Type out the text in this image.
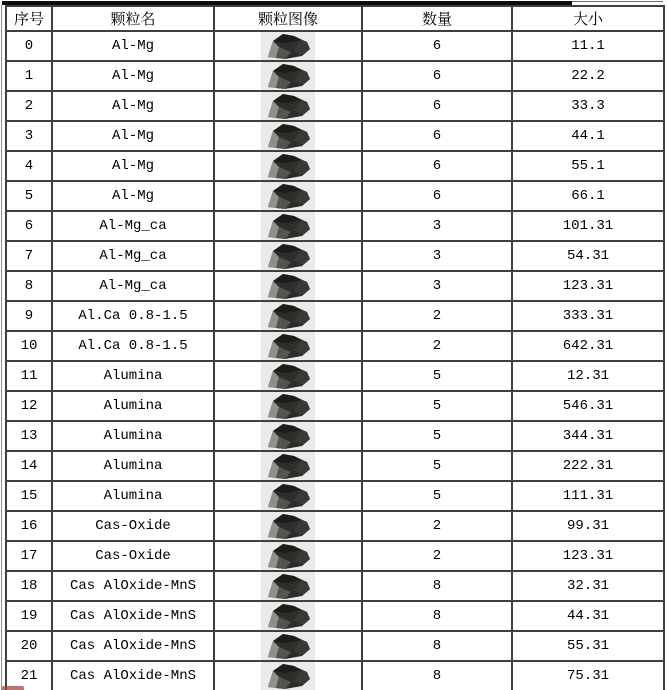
序号	颗粒名	颗粒图像	数量	大小
0	Al-Mg		6	11.1
1	Al-Mg		6	22.2
2	Al-Mg		6	33.3
3	Al-Mg		6	44.1
4	Al-Mg		6	55.1
5	Al-Mg		6	66.1
6	Al-Mg_ca		3	101.31
7	Al-Mg_ca		3	54.31
8	Al-Mg_ca		3	123.31
9	Al.Ca 0.8-1.5		2	333.31
10	Al.Ca 0.8-1.5		2	642.31
11	Alumina		5	12.31
12	Alumina		5	546.31
13	Alumina		5	344.31
14	Alumina		5	222.31
15	Alumina		5	111.31
16	Cas-Oxide		2	99.31
17	Cas-Oxide		2	123.31
18	Cas AlOxide-MnS		8	32.31
19	Cas AlOxide-MnS		8	44.31
20	Cas AlOxide-MnS		8	55.31
21	Cas AlOxide-MnS		8	75.31
